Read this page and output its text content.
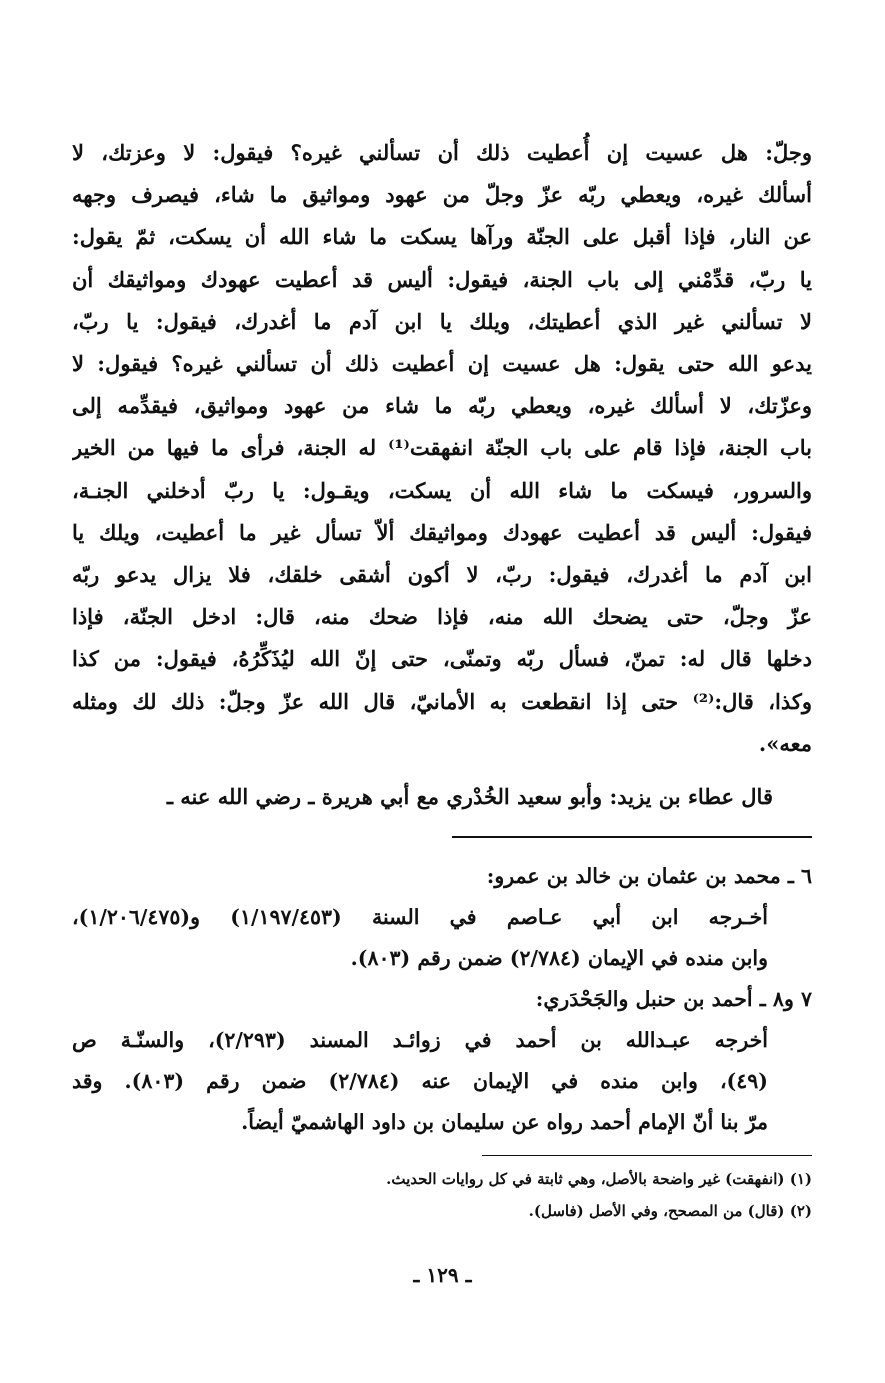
وجلّ: هل عسيت إن أُعطيت ذلك أن تسألني غيره؟ فيقول: لا وعزتك، لا
أسألك غيره، ويعطي ربّه عزّ وجلّ من عهود ومواثيق ما شاء، فيصرف وجهه
عن النار، فإذا أقبل على الجنّة ورآها يسكت ما شاء الله أن يسكت، ثمّ يقول:
يا ربّ، قدِّمْني إلى باب الجنة، فيقول: أليس قد أعطيت عهودك ومواثيقك أن
لا تسألني غير الذي أعطيتك، ويلك يا ابن آدم ما أغدرك، فيقول: يا ربّ،
يدعو الله حتى يقول: هل عسيت إن أعطيت ذلك أن تسألني غيره؟ فيقول: لا
وعزّتك، لا أسألك غيره، ويعطي ربّه ما شاء من عهود ومواثيق، فيقدِّمه إلى
باب الجنة، فإذا قام على باب الجنّة انفهقت⁽¹⁾ له الجنة، فرأى ما فيها من الخير
والسرور، فيسكت ما شاء الله أن يسكت، ويقـول: يا ربّ أدخلني الجنـة،
فيقول: أليس قد أعطيت عهودك ومواثيقك ألاّ تسأل غير ما أعطيت، ويلك يا
ابن آدم ما أغدرك، فيقول: ربّ، لا أكون أشقى خلقك، فلا يزال يدعو ربّه
عزّ وجلّ، حتى يضحك الله منه، فإذا ضحك منه، قال: ادخل الجنّة، فإذا
دخلها قال له: تمنّ، فسأل ربّه وتمنّى، حتى إنّ الله ليُذَكِّرُهُ، فيقول: من كذا
وكذا، قال:⁽²⁾ حتى إذا انقطعت به الأمانيّ، قال الله عزّ وجلّ: ذلك لك ومثله
معه».
قال عطاء بن يزيد: وأبو سعيد الخُدْري مع أبي هريرة ـ رضي الله عنه ـ
٦ ـ محمد بن عثمان بن خالد بن عمرو:
أخـرجه ابن أبي عـاصم في السنة (١/١٩٧/٤٥٣) و(١/٢٠٦/٤٧٥)،
وابن منده في الإيمان (٢/٧٨٤) ضمن رقم (٨٠٣).
٧ و٨ ـ أحمد بن حنبل والجَحْدَري:
أخرجه عبـدالله بن أحمد في زوائـد المسند (٢/٢٩٣)، والسنّـة ص
(٤٩)، وابن منده في الإيمان عنه (٢/٧٨٤) ضمن رقم (٨٠٣). وقد
مرّ بنا أنّ الإمام أحمد رواه عن سليمان بن داود الهاشميّ أيضاً.
(١) (انفهقت) غير واضحة بالأصل، وهي ثابتة في كل روايات الحديث.
(٢) (قال) من المصحح، وفي الأصل (فاسل).
ـ ١٢٩ ـ
